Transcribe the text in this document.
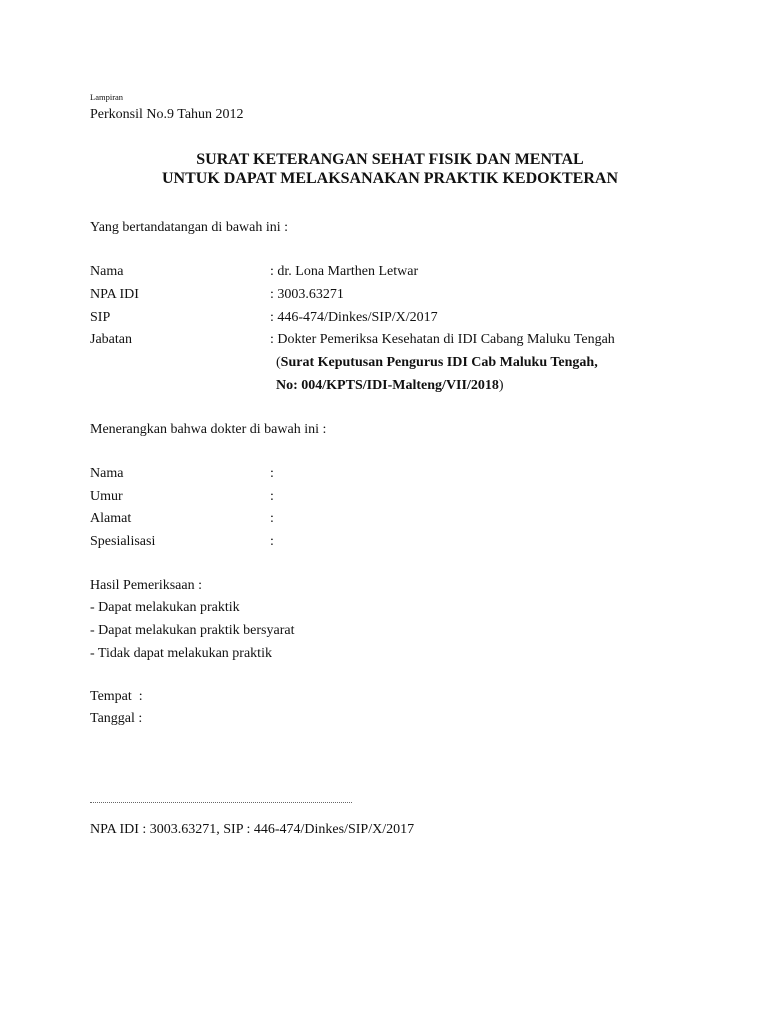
Lampiran
Perkonsil No.9 Tahun 2012
SURAT KETERANGAN SEHAT FISIK DAN MENTAL
UNTUK DAPAT MELAKSANAKAN PRAKTIK KEDOKTERAN
Yang bertandatangan di bawah ini :
Nama	: dr. Lona Marthen Letwar
NPA IDI	: 3003.63271
SIP	: 446-474/Dinkes/SIP/X/2017
Jabatan	: Dokter Pemeriksa Kesehatan di IDI Cabang Maluku Tengah
(Surat Keputusan Pengurus IDI Cab Maluku Tengah,
No: 004/KPTS/IDI-Malteng/VII/2018)
Menerangkan bahwa dokter di bawah ini :
Nama	:
Umur	:
Alamat	:
Spesialisasi	:
Hasil Pemeriksaan :
- Dapat melakukan praktik
- Dapat melakukan praktik bersyarat
- Tidak dapat melakukan praktik
Tempat  :
Tanggal :
NPA IDI : 3003.63271, SIP : 446-474/Dinkes/SIP/X/2017
